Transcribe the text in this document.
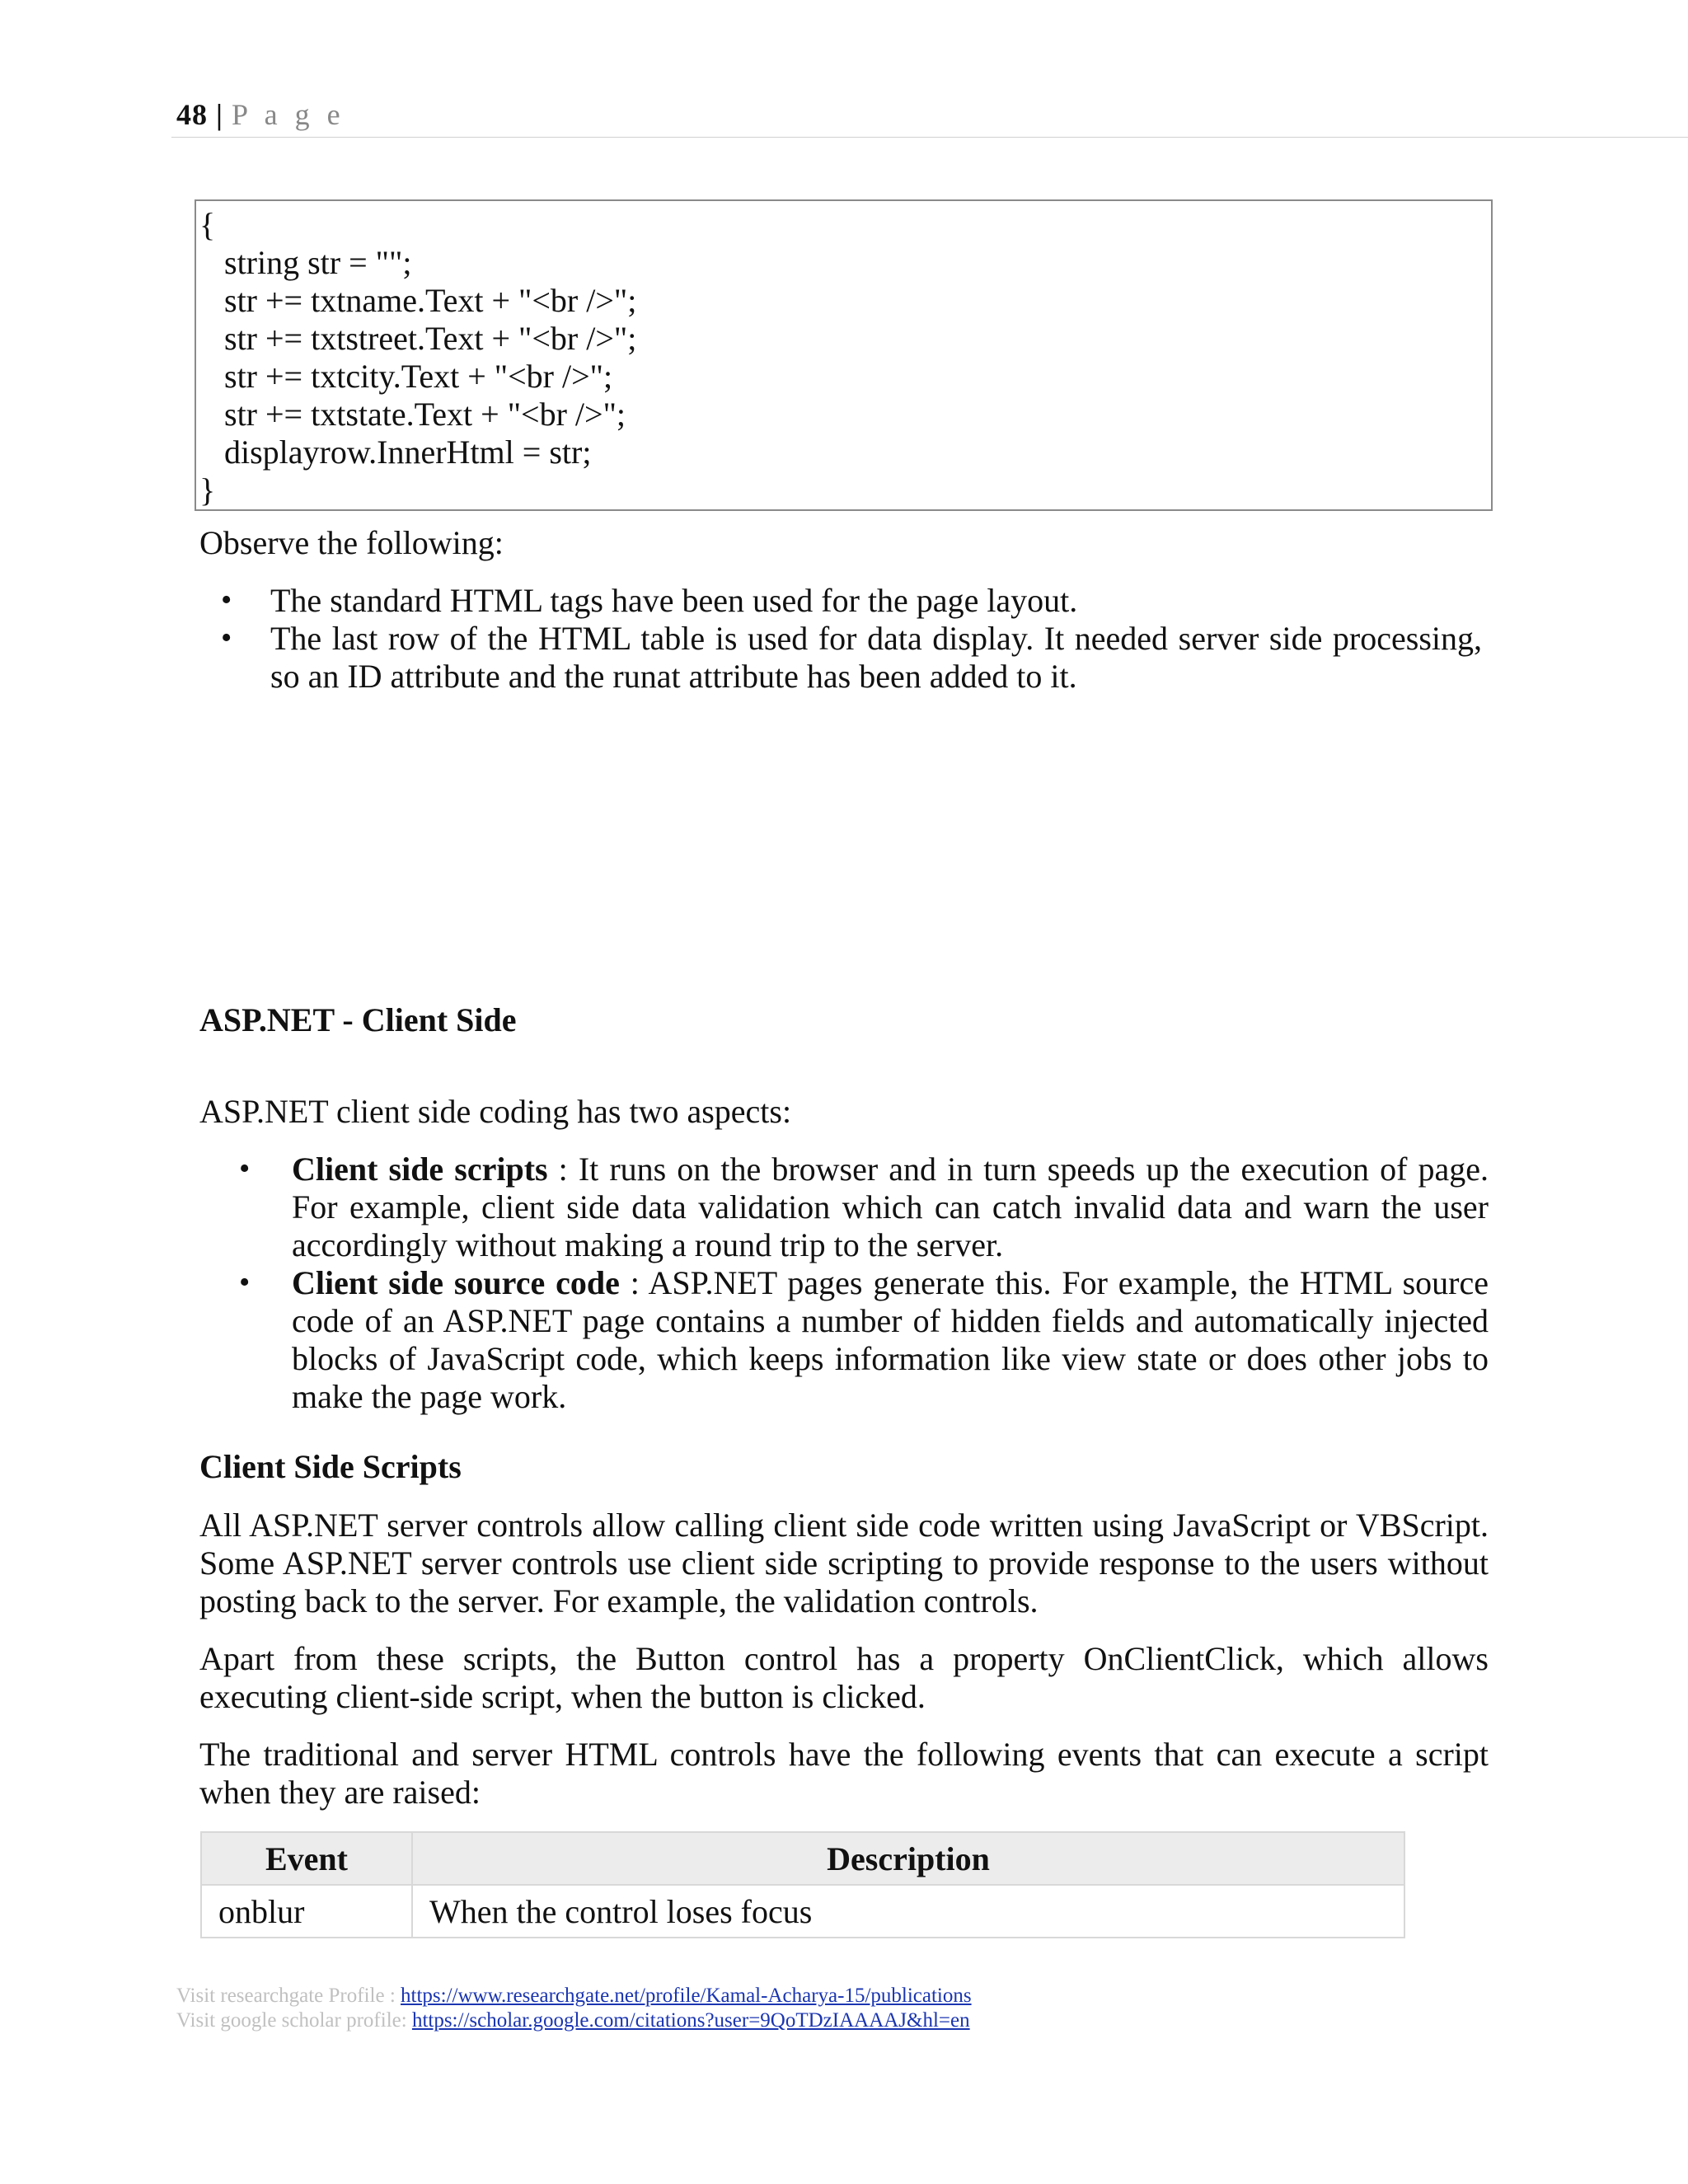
48 | P a g e
{
string str = "";
str += txtname.Text + "<br />";
str += txtstreet.Text + "<br />";
str += txtcity.Text + "<br />";
str += txtstate.Text + "<br />";
displayrow.InnerHtml = str;
}
Observe the following:
• The standard HTML tags have been used for the page layout.
• The last row of the HTML table is used for data display. It needed server side processing, so an ID attribute and the runat attribute has been added to it.
ASP.NET - Client Side
ASP.NET client side coding has two aspects:
• Client side scripts : It runs on the browser and in turn speeds up the execution of page. For example, client side data validation which can catch invalid data and warn the user accordingly without making a round trip to the server.
• Client side source code : ASP.NET pages generate this. For example, the HTML source code of an ASP.NET page contains a number of hidden fields and automatically injected blocks of JavaScript code, which keeps information like view state or does other jobs to make the page work.
Client Side Scripts
All ASP.NET server controls allow calling client side code written using JavaScript or VBScript. Some ASP.NET server controls use client side scripting to provide response to the users without posting back to the server. For example, the validation controls.
Apart from these scripts, the Button control has a property OnClientClick, which allows executing client-side script, when the button is clicked.
The traditional and server HTML controls have the following events that can execute a script when they are raised:
Event	Description
onblur	When the control loses focus
Visit researchgate Profile : https://www.researchgate.net/profile/Kamal-Acharya-15/publications
Visit google scholar profile: https://scholar.google.com/citations?user=9QoTDzIAAAAJ&hl=en
